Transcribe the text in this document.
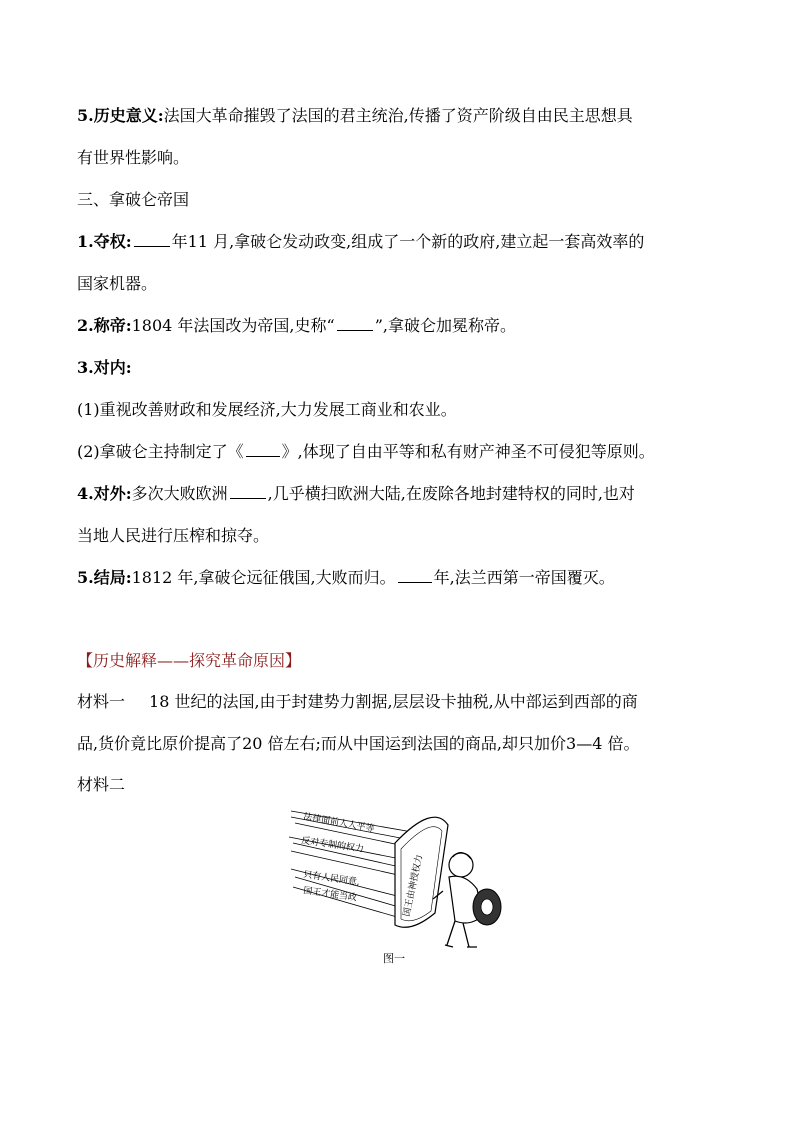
5.历史意义:法国大革命摧毁了法国的君主统治,传播了资产阶级自由民主思想具
有世界性影响。
三、拿破仑帝国
1.夺权:	年11 月,拿破仑发动政变,组成了一个新的政府,建立起一套高效率的
国家机器。
2.称帝:1804 年法国改为帝国,史称“	”,拿破仑加冕称帝。
3.对内:
(1)重视改善财政和发展经济,大力发展工商业和农业。
(2)拿破仑主持制定了《 》,体现了自由平等和私有财产神圣不可侵犯等原则。
4.对外:多次大败欧洲	,几乎横扫欧洲大陆,在废除各地封建特权的同时,也对
当地人民进行压榨和掠夺。
5.结局:1812 年,拿破仑远征俄国,大败而归。 年,法兰西第一帝国覆灭。
【历史解释——探究革命原因】
材料一 18 世纪的法国,由于封建势力割据,层层设卡抽税,从中部运到西部的商
品,货价竟比原价提高了20 倍左右;而从中国运到法国的商品,却只加价3—4 倍。
材料二
法律面前人人平等
反对专制的权力
只有人民同意,
国王才能当政	国王由神授权力
图一
